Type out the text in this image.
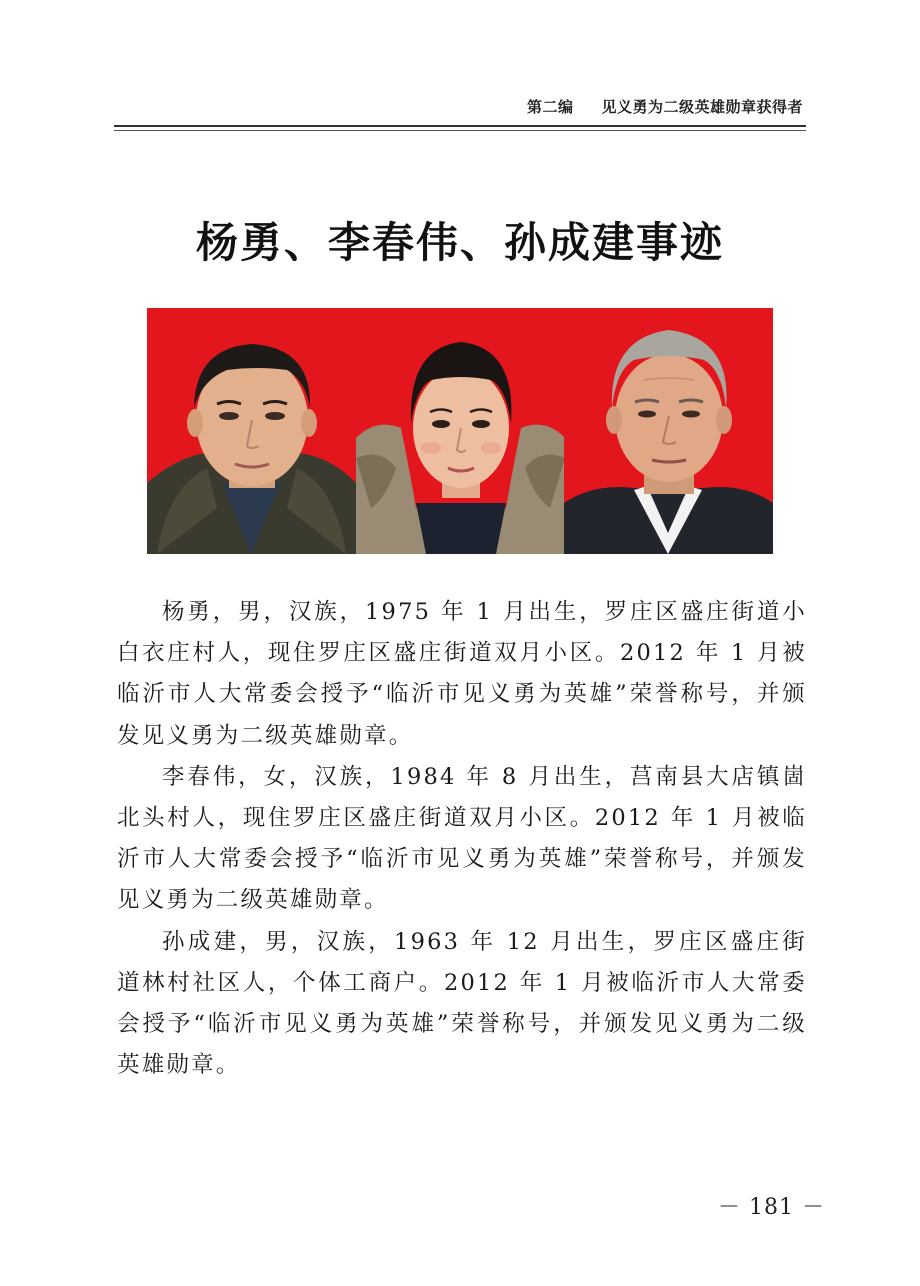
第二编 见义勇为二级英雄勋章获得者
杨勇、李春伟、孙成建事迹

杨勇，男，汉族，1975 年 1 月出生，罗庄区盛庄街道小白衣庄村人，现住罗庄区盛庄街道双月小区。2012 年 1 月被临沂市人大常委会授予“临沂市见义勇为英雄”荣誉称号，并颁发见义勇为二级英雄勋章。

李春伟，女，汉族，1984 年 8 月出生，莒南县大店镇崮北头村人，现住罗庄区盛庄街道双月小区。2012 年 1 月被临沂市人大常委会授予“临沂市见义勇为英雄”荣誉称号，并颁发见义勇为二级英雄勋章。

孙成建，男，汉族，1963 年 12 月出生，罗庄区盛庄街道林村社区人，个体工商户。2012 年 1 月被临沂市人大常委会授予“临沂市见义勇为英雄”荣誉称号，并颁发见义勇为二级英雄勋章。

－ 181 －
